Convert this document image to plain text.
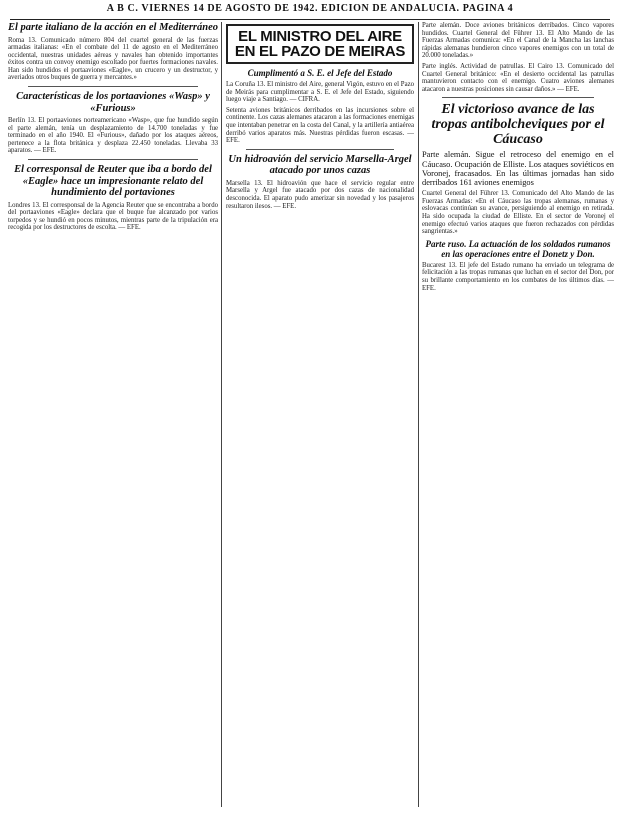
A B C. VIERNES 14 DE AGOSTO DE 1942. EDICION DE ANDALUCIA. PAGINA 4
El parte italiano de la acción en el Mediterráneo
Roma 13. Comunicado número 804 del cuartel general de las fuerzas armadas italianas: «En el combate del 11 de agosto en el Mediterráneo occidental, nuestras unidades aéreas y navales han obtenido importantes éxitos contra un convoy enemigo escoltado por fuertes formaciones navales. Han sido hundidos el portaaviones «Eagle», un crucero y un destructor, y averiados otros buques de guerra y mercantes.»
Características de los portaaviones «Wasp» y «Furious»
Berlín 13. El portaaviones norteamericano «Wasp», que fue hundido según el parte alemán, tenía un desplazamiento de 14.700 toneladas y fue terminado en el año 1940. El «Furious», dañado por los ataques aéreos, pertenece a la flota británica y desplaza 22.450 toneladas. Llevaba 33 aparatos. — EFE.
El corresponsal de Reuter que iba a bordo del «Eagle» hace un impresionante relato del hundimiento del portaviones
Londres 13. El corresponsal de la Agencia Reuter que se encontraba a bordo del portaaviones «Eagle» declara que el buque fue alcanzado por varios torpedos y se hundió en pocos minutos, mientras parte de la tripulación era recogida por los destructores de escolta. — EFE.
EL MINISTRO DEL AIRE EN EL PAZO DE MEIRAS
Cumplimentó a S. E. el Jefe del Estado
La Coruña 13. El ministro del Aire, general Vigón, estuvo en el Pazo de Meirás para cumplimentar a S. E. el Jefe del Estado, siguiendo luego viaje a Santiago. — CIFRA.
Setenta aviones británicos derribados en las incursiones sobre el continente. Los cazas alemanes atacaron a las formaciones enemigas que intentaban penetrar en la costa del Canal, y la artillería antiaérea derribó varios aparatos más. Nuestras pérdidas fueron escasas. — EFE.
Un hidroavión del servicio Marsella-Argel atacado por unos cazas
Marsella 13. El hidroavión que hace el servicio regular entre Marsella y Argel fue atacado por dos cazas de nacionalidad desconocida. El aparato pudo amerizar sin novedad y los pasajeros resultaron ilesos. — EFE.
Parte alemán. Doce aviones británicos derribados. Cinco vapores hundidos. Cuartel General del Führer 13. El Alto Mando de las Fuerzas Armadas comunica: «En el Canal de la Mancha las lanchas rápidas alemanas hundieron cinco vapores enemigos con un total de 20.000 toneladas.»
Parte inglés. Actividad de patrullas. El Cairo 13. Comunicado del Cuartel General británico: «En el desierto occidental las patrullas mantuvieron contacto con el enemigo. Cuatro aviones alemanes atacaron a nuestras posiciones sin causar daños.» — EFE.
El victorioso avance de las tropas antibolcheviques por el Cáucaso
Parte alemán. Sigue el retroceso del enemigo en el Cáucaso. Ocupación de Elliste. Los ataques soviéticos en Voronej, fracasados. En las últimas jornadas han sido derribados 161 aviones enemigos
Cuartel General del Führer 13. Comunicado del Alto Mando de las Fuerzas Armadas: «En el Cáucaso las tropas alemanas, rumanas y eslovacas continúan su avance, persiguiendo al enemigo en retirada. Ha sido ocupada la ciudad de Elliste. En el sector de Voronej el enemigo efectuó varios ataques que fueron rechazados con pérdidas sangrientas.»
Parte ruso. La actuación de los soldados rumanos en las operaciones entre el Donetz y Don.
Bucarest 13. El jefe del Estado rumano ha enviado un telegrama de felicitación a las tropas rumanas que luchan en el sector del Don, por su brillante comportamiento en los combates de los últimos días. — EFE.
